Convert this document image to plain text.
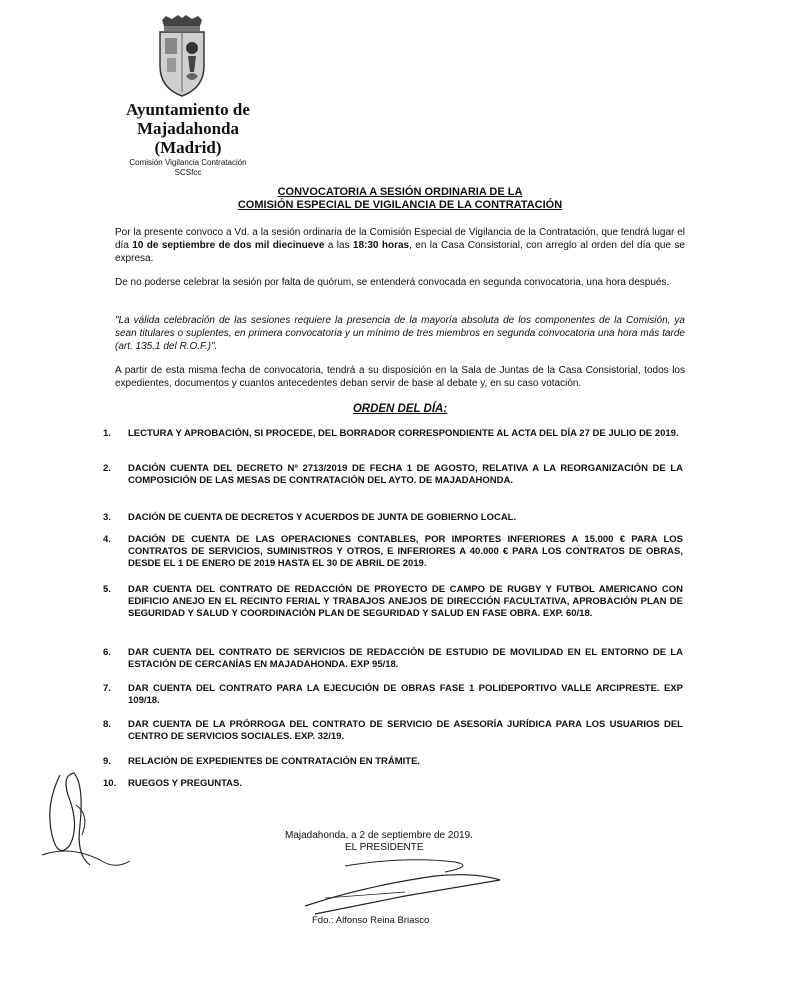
Ayuntamiento de
Majadahonda
(Madrid)
Comisión Vigilancia Contratación
SCSfcc
CONVOCATORIA A SESIÓN ORDINARIA DE LA
COMISIÓN ESPECIAL DE VIGILANCIA DE LA CONTRATACIÓN
Por la presente convoco a Vd. a la sesión ordinaria de la Comisión Especial de Vigilancia de la Contratación, que tendrá lugar el día 10 de septiembre de dos mil diecinueve a las 18:30 horas, en la Casa Consistorial, con arreglo al orden del día que se expresa.
De no poderse celebrar la sesión por falta de quórum, se entenderá convocada en segunda convocatoria, una hora después.
"La válida celebración de las sesiones requiere la presencia de la mayoría absoluta de los componentes de la Comisión, ya sean titulares o suplentes, en primera convocatoria y un mínimo de tres miembros en segunda convocatoria una hora más tarde (art. 135.1 del R.O.F.)".
A partir de esta misma fecha de convocatoria, tendrá a su disposición en la Sala de Juntas de la Casa Consistorial, todos los expedientes, documentos y cuantos antecedentes deban servir de base al debate y, en su caso votación.
ORDEN DEL DÍA:
1.	LECTURA Y APROBACIÓN, SI PROCEDE, DEL BORRADOR CORRESPONDIENTE AL ACTA DEL DÍA 27 DE JULIO DE 2019.
2.	DACIÓN CUENTA DEL DECRETO Nº 2713/2019 DE FECHA 1 DE AGOSTO, RELATIVA A LA REORGANIZACIÓN DE LA COMPOSICIÓN DE LAS MESAS DE CONTRATACIÓN DEL AYTO. DE MAJADAHONDA.
3.	DACIÓN DE CUENTA DE DECRETOS Y ACUERDOS DE JUNTA DE GOBIERNO LOCAL.
4.	DACIÓN DE CUENTA DE LAS OPERACIONES CONTABLES, POR IMPORTES INFERIORES A 15.000 € PARA LOS CONTRATOS DE SERVICIOS, SUMINISTROS Y OTROS, E INFERIORES A 40.000 € PARA LOS CONTRATOS DE OBRAS, DESDE EL 1 DE ENERO DE 2019 HASTA EL 30 DE ABRIL DE 2019.
5.	DAR CUENTA DEL CONTRATO DE REDACCIÓN DE PROYECTO DE CAMPO DE RUGBY Y FUTBOL AMERICANO CON EDIFICIO ANEJO EN EL RECINTO FERIAL Y TRABAJOS ANEJOS DE DIRECCIÓN FACULTATIVA, APROBACIÓN PLAN DE SEGURIDAD Y SALUD Y COORDINACIÓN PLAN DE SEGURIDAD Y SALUD EN FASE OBRA. EXP. 60/18.
6.	DAR CUENTA DEL CONTRATO DE SERVICIOS DE REDACCIÓN DE ESTUDIO DE MOVILIDAD EN EL ENTORNO DE LA ESTACIÓN DE CERCANÍAS EN MAJADAHONDA. EXP 95/18.
7.	DAR CUENTA DEL CONTRATO PARA LA EJECUCIÓN DE OBRAS FASE 1 POLIDEPORTIVO VALLE ARCIPRESTE. EXP 109/18.
8.	DAR CUENTA DE LA PRÓRROGA DEL CONTRATO DE SERVICIO DE ASESORÍA JURÍDICA PARA LOS USUARIOS DEL CENTRO DE SERVICIOS SOCIALES. EXP. 32/19.
9.	RELACIÓN DE EXPEDIENTES DE CONTRATACIÓN EN TRÁMITE.
10.	RUEGOS Y PREGUNTAS.
Majadahonda, a 2 de septiembre de 2019.
EL PRESIDENTE
Fdo.: Alfonso Reina Briasco
